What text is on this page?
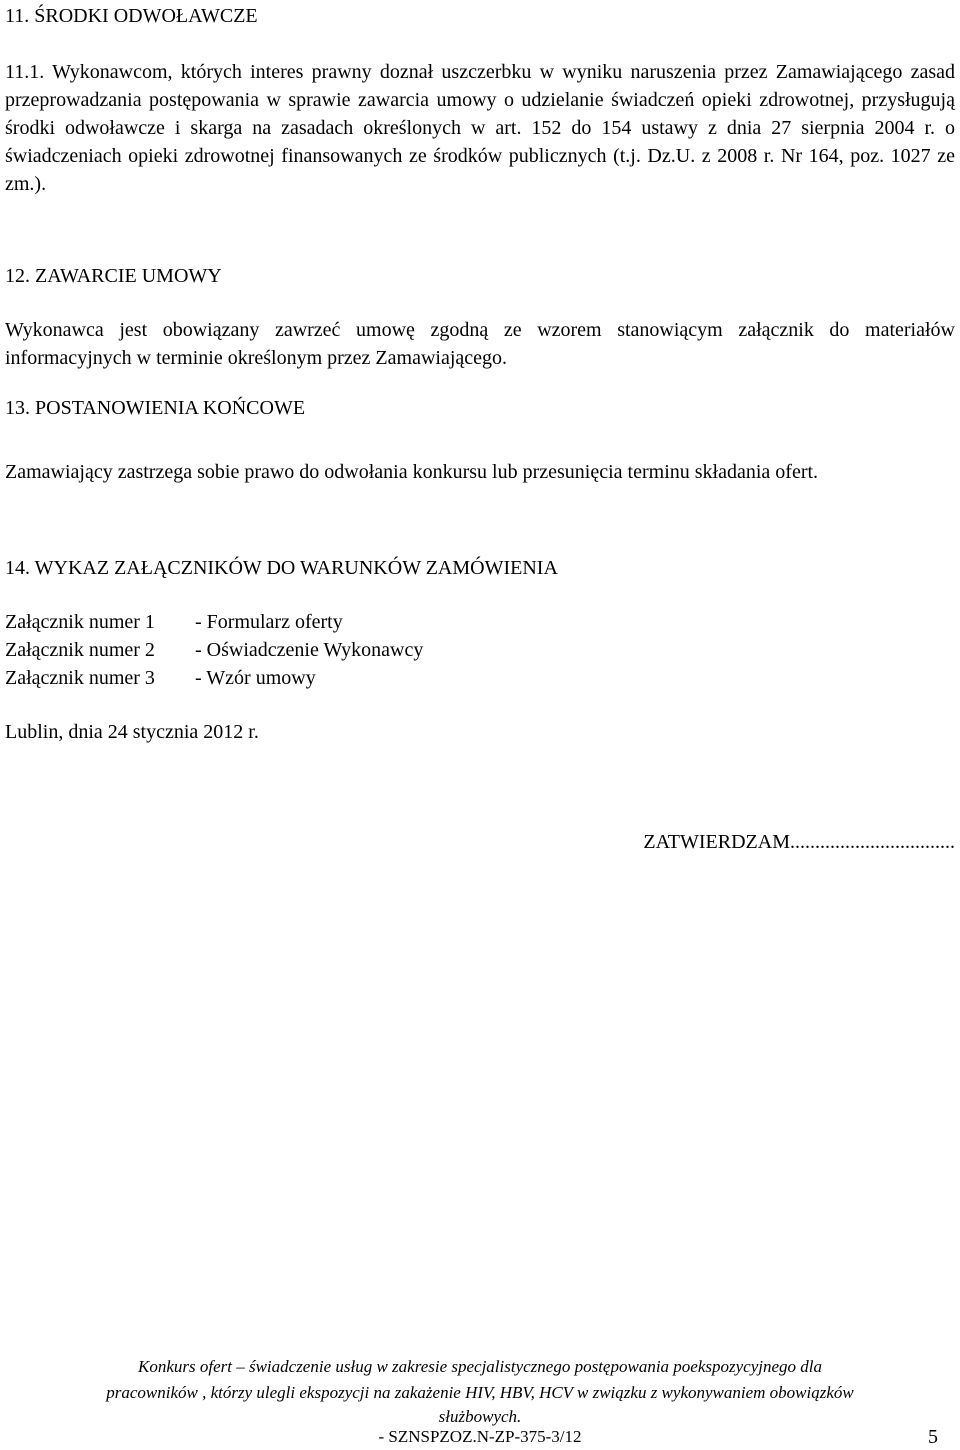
11. ŚRODKI ODWOŁAWCZE
11.1. Wykonawcom, których interes prawny doznał uszczerbku w wyniku naruszenia przez Zamawiającego zasad przeprowadzania postępowania w sprawie zawarcia umowy o udzielanie świadczeń opieki zdrowotnej, przysługują środki odwoławcze i skarga na zasadach określonych w art. 152 do 154 ustawy z dnia 27 sierpnia 2004 r. o świadczeniach opieki zdrowotnej finansowanych ze środków publicznych (t.j. Dz.U. z 2008 r. Nr 164, poz. 1027 ze zm.).
12. ZAWARCIE UMOWY
Wykonawca jest obowiązany zawrzeć umowę zgodną ze wzorem stanowiącym załącznik do materiałów informacyjnych w terminie określonym przez Zamawiającego.
13. POSTANOWIENIA KOŃCOWE
Zamawiający zastrzega sobie prawo do odwołania konkursu lub przesunięcia terminu składania ofert.
14. WYKAZ ZAŁĄCZNIKÓW DO WARUNKÓW ZAMÓWIENIA
Załącznik numer 1 - Formularz oferty
Załącznik numer 2 - Oświadczenie Wykonawcy
Załącznik numer 3 - Wzór umowy
Lublin, dnia 24 stycznia 2012 r.
ZATWIERDZAM.................................
Konkurs ofert – świadczenie usług w zakresie specjalistycznego postępowania poekspozycyjnego dla
pracowników , którzy ulegli ekspozycji na zakażenie HIV, HBV, HCV w związku z wykonywaniem obowiązków
służbowych.
- SZNSPZOZ.N-ZP-375-3/12	5
